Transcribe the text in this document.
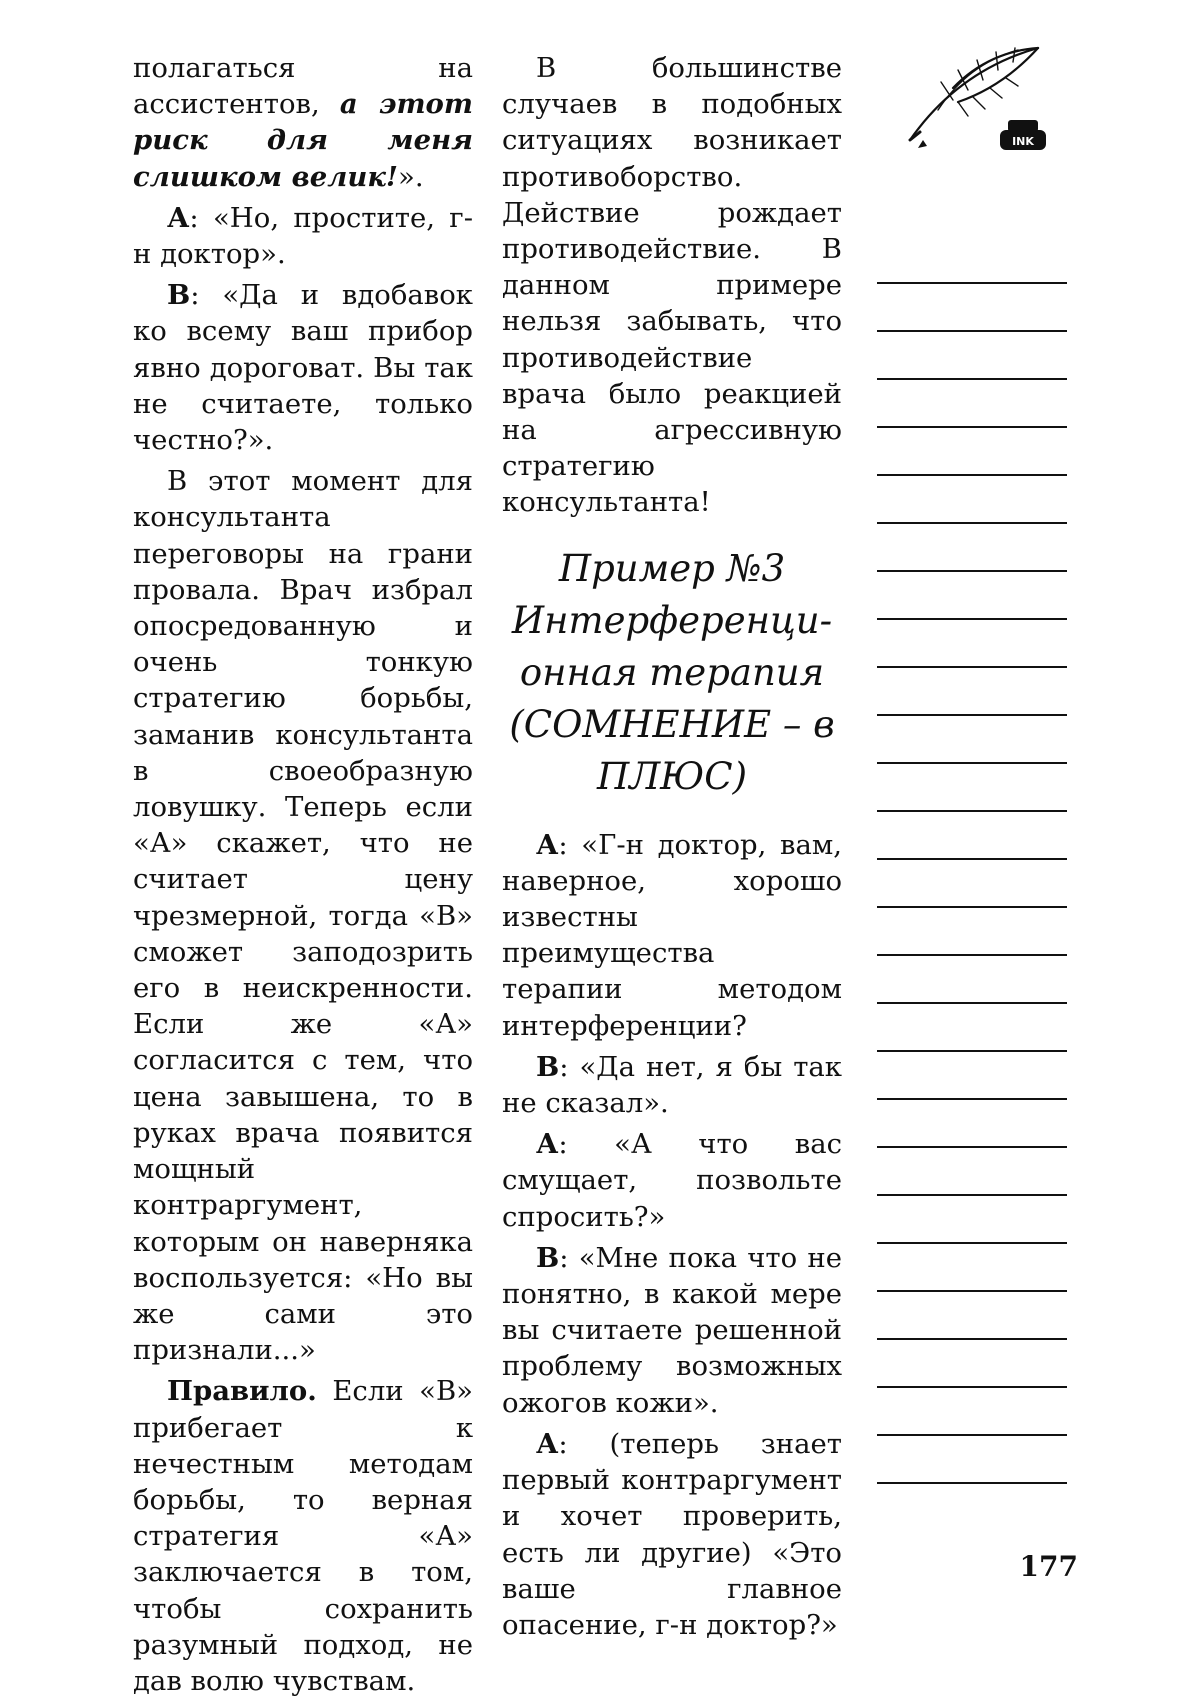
полагаться на ассистентов, а этот риск для меня слишком велик!».

А: «Но, простите, г-н доктор».

В: «Да и вдобавок ко всему ваш прибор явно дороговат. Вы так не считаете, только честно?».

В этот момент для консультанта переговоры на грани провала. Врач избрал опосредованную и очень тонкую стратегию борьбы, заманив консультанта в своеобразную ловушку. Теперь если «А» скажет, что не считает цену чрезмерной, тогда «В» сможет заподозрить его в неискренности. Если же «А» согласится с тем, что цена завышена, то в руках врача появится мощный контраргумент, которым он наверняка воспользуется: «Но вы же сами это признали...»

Правило. Если «В» прибегает к нечестным методам борьбы, то верная стратегия «А» заключается в том, чтобы сохранить разумный подход, не дав волю чувствам.

В большинстве случаев в подобных ситуациях возникает противоборство. Действие рождает противодействие. В данном примере нельзя забывать, что противодействие врача было реакцией на агрессивную стратегию консультанта!

Пример №3
Интерференци-
онная терапия
(СОМНЕНИЕ – в
ПЛЮС)

А: «Г-н доктор, вам, наверное, хорошо известны преимущества терапии методом интерференции?

В: «Да нет, я бы так не сказал».

А: «А что вас смущает, позвольте спросить?»

В: «Мне пока что не понятно, в какой мере вы считаете решенной проблему возможных ожогов кожи».

А: (теперь знает первый контраргумент и хочет проверить, есть ли другие) «Это ваше главное опасение, г-н доктор?»

INK
177
